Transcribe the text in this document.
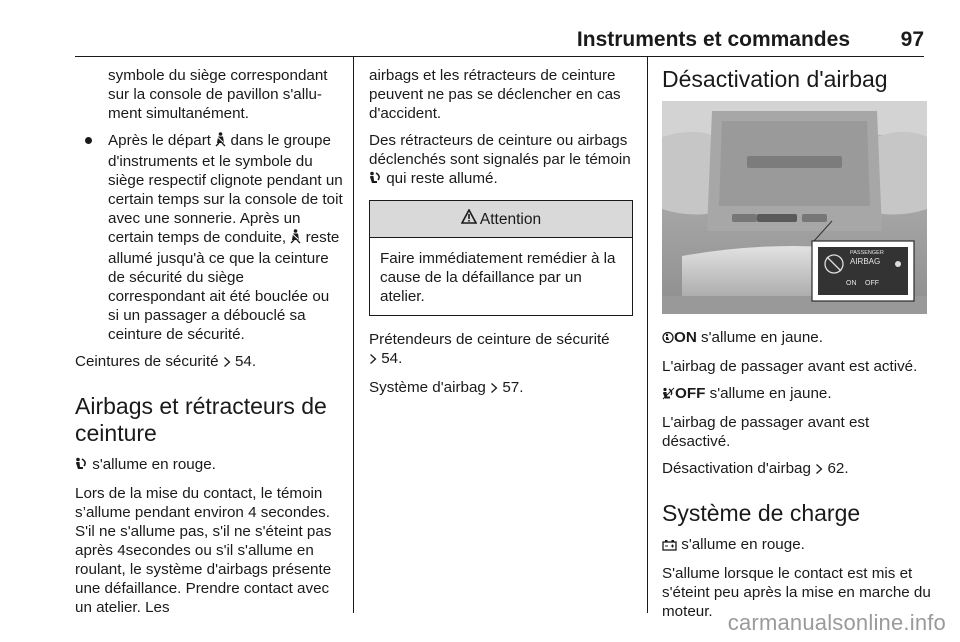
Instruments et commandes 97

symbole du siège correspondant sur la console de pavillon s'allument simultanément.

Après le départ dans le groupe d'instruments et le symbole du siège respectif clignote pendant un certain temps sur la console de toit avec une sonnerie. Après un certain temps de conduite, reste allumé jusqu'à ce que la ceinture de sécurité du siège correspondant ait été bouclée ou si un passager a débouclé sa ceinture de sécurité.

Ceintures de sécurité 54.

Airbags et rétracteurs de ceinture

s'allume en rouge.

Lors de la mise du contact, le témoin s’allume pendant environ 4 secondes. S'il ne s'allume pas, s'il ne s'éteint pas après 4secondes ou s'il s'allume en roulant, le système d'airbags présente une défaillance. Prendre contact avec un atelier. Les

airbags et les rétracteurs de ceinture peuvent ne pas se déclencher en cas d'accident.

Des rétracteurs de ceinture ou airbags déclenchés sont signalés par le témoin  qui reste allumé.

Attention
Faire immédiatement remédier à la cause de la défaillance par un atelier.

Prétendeurs de ceinture de sécurité
54.

Système d'airbag 57.

Désactivation d'airbag
PASSENGER
AIRBAG
ON OFF

ON s'allume en jaune.

L'airbag de passager avant est activé.

OFF s'allume en jaune.

L'airbag de passager avant est désactivé.

Désactivation d'airbag 62.

Système de charge

s'allume en rouge.

S'allume lorsque le contact est mis et s'éteint peu après la mise en marche du moteur. carmanualsonline.info
